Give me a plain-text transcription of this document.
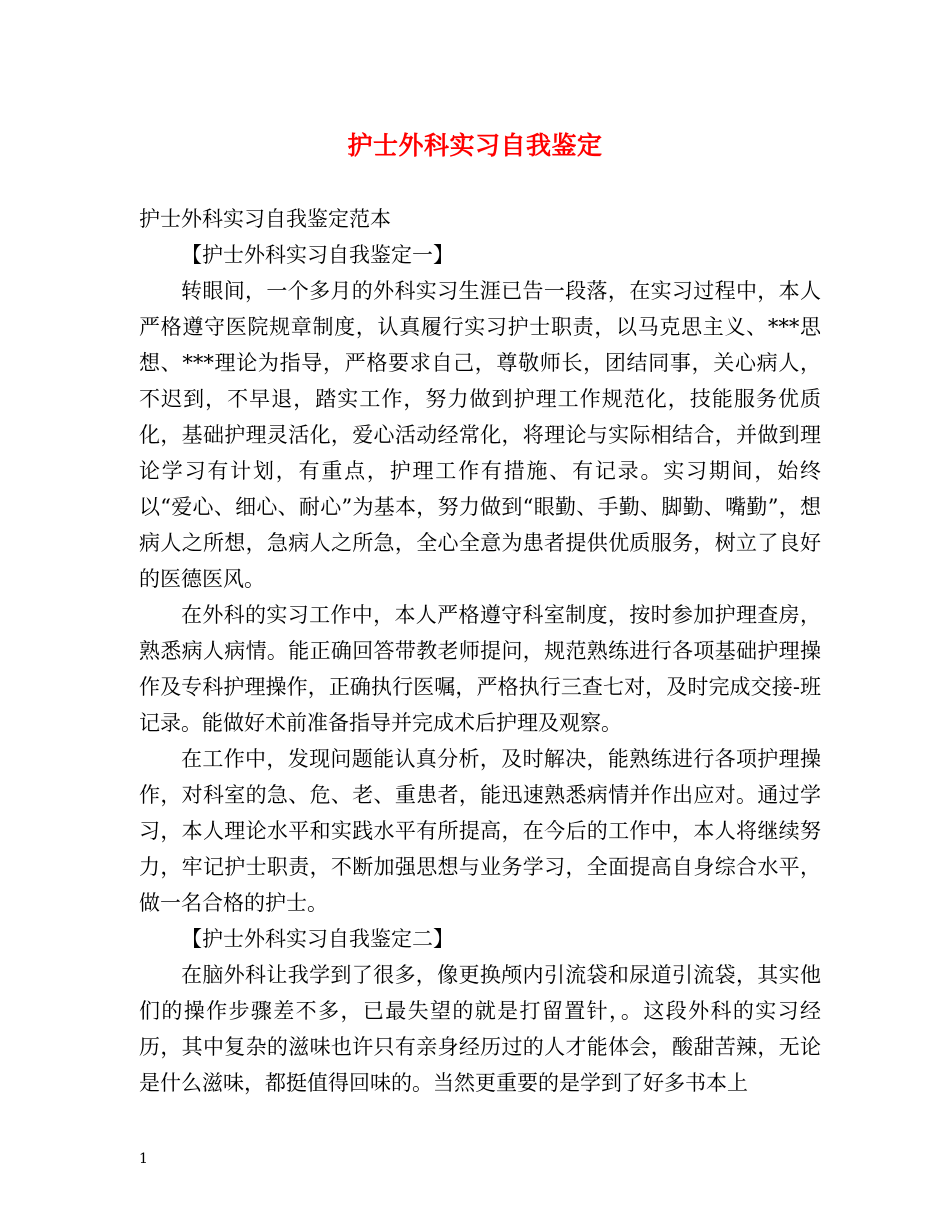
护士外科实习自我鉴定

护士外科实习自我鉴定范本

【护士外科实习自我鉴定一】

转眼间，一个多月的外科实习生涯已告一段落，在实习过程中，本人严格遵守医院规章制度，认真履行实习护士职责，以马克思主义、***思想、***理论为指导，严格要求自己，尊敬师长，团结同事，关心病人，不迟到，不早退，踏实工作，努力做到护理工作规范化，技能服务优质化，基础护理灵活化，爱心活动经常化，将理论与实际相结合，并做到理论学习有计划，有重点，护理工作有措施、有记录。实习期间，始终以“爱心、细心、耐心”为基本，努力做到“眼勤、手勤、脚勤、嘴勤”，想病人之所想，急病人之所急，全心全意为患者提供优质服务，树立了良好的医德医风。

在外科的实习工作中，本人严格遵守科室制度，按时参加护理查房，熟悉病人病情。能正确回答带教老师提问，规范熟练进行各项基础护理操作及专科护理操作，正确执行医嘱，严格执行三查七对，及时完成交接-班记录。能做好术前准备指导并完成术后护理及观察。

在工作中，发现问题能认真分析，及时解决，能熟练进行各项护理操作，对科室的急、危、老、重患者，能迅速熟悉病情并作出应对。通过学习，本人理论水平和实践水平有所提高，在今后的工作中，本人将继续努力，牢记护士职责，不断加强思想与业务学习，全面提高自身综合水平，做一名合格的护士。

【护士外科实习自我鉴定二】

在脑外科让我学到了很多，像更换颅内引流袋和尿道引流袋，其实他们的操作步骤差不多，已最失望的就是打留置针，。这段外科的实习经历，其中复杂的滋味也许只有亲身经历过的人才能体会，酸甜苦辣，无论是什么滋味，都挺值得回味的。当然更重要的是学到了好多书本上

1
